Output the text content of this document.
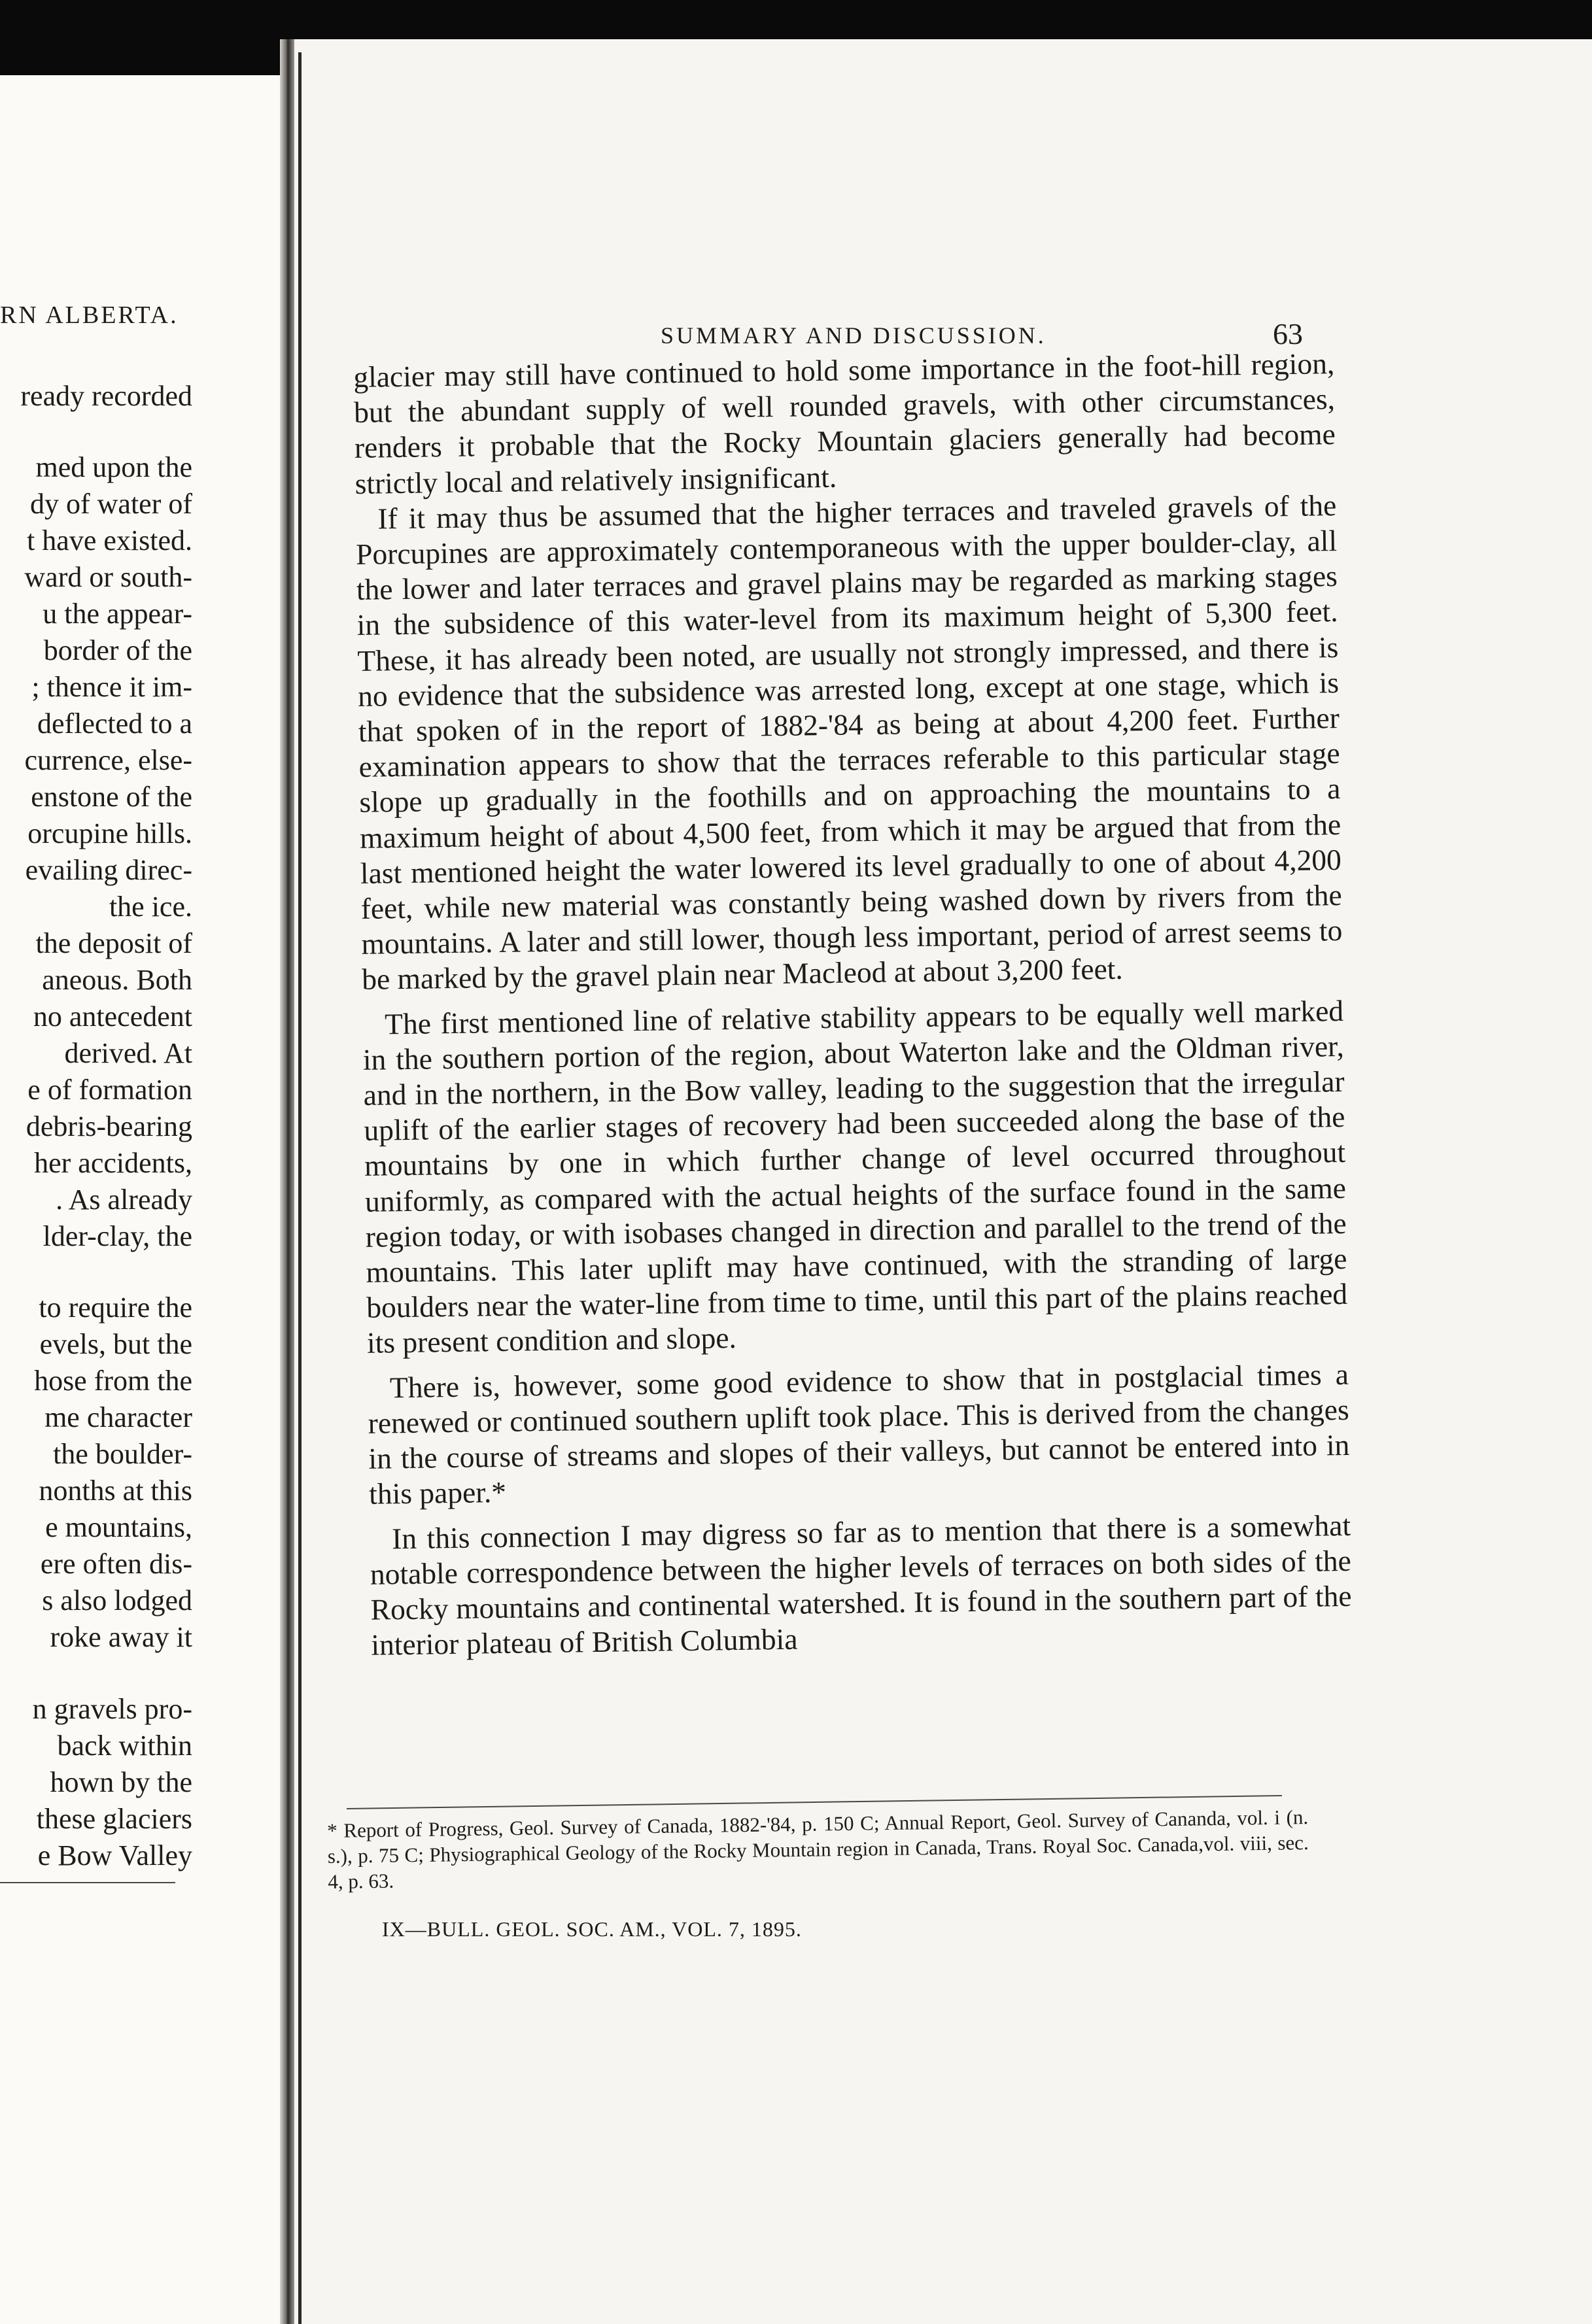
RN ALBERTA.
ready recorded
med upon the
dy of water of
t have existed.
ward or south-
u the appear-
border of the
; thence it im-
deflected to a
currence, else-
enstone of the
orcupine hills.
evailing direc-
the ice.
the deposit of
aneous. Both
no antecedent
derived. At
e of formation
debris-bearing
her accidents,
. As already
lder-clay, the
to require the
evels, but the
hose from the
me character
the boulder-
nonths at this
e mountains,
ere often dis-
s also lodged
roke away it
n gravels pro-
back within
hown by the
these glaciers
e Bow Valley
SUMMARY AND DISCUSSION.	63

glacier may still have continued to hold some importance in the foot-hill region, but the abundant supply of well rounded gravels, with other circumstances, renders it probable that the Rocky Mountain glaciers generally had become strictly local and relatively insignificant.

If it may thus be assumed that the higher terraces and traveled gravels of the Porcupines are approximately contemporaneous with the upper boulder-clay, all the lower and later terraces and gravel plains may be regarded as marking stages in the subsidence of this water-level from its maximum height of 5,300 feet. These, it has already been noted, are usually not strongly impressed, and there is no evidence that the subsidence was arrested long, except at one stage, which is that spoken of in the report of 1882-'84 as being at about 4,200 feet. Further examination appears to show that the terraces referable to this particular stage slope up gradually in the foothills and on approaching the mountains to a maximum height of about 4,500 feet, from which it may be argued that from the last mentioned height the water lowered its level gradually to one of about 4,200 feet, while new material was constantly being washed down by rivers from the mountains. A later and still lower, though less important, period of arrest seems to be marked by the gravel plain near Macleod at about 3,200 feet.

The first mentioned line of relative stability appears to be equally well marked in the southern portion of the region, about Waterton lake and the Oldman river, and in the northern, in the Bow valley, leading to the suggestion that the irregular uplift of the earlier stages of recovery had been succeeded along the base of the mountains by one in which further change of level occurred throughout uniformly, as compared with the actual heights of the surface found in the same region today, or with isobases changed in direction and parallel to the trend of the mountains. This later uplift may have continued, with the stranding of large boulders near the water-line from time to time, until this part of the plains reached its present condition and slope.

There is, however, some good evidence to show that in postglacial times a renewed or continued southern uplift took place. This is derived from the changes in the course of streams and slopes of their valleys, but cannot be entered into in this paper.*

In this connection I may digress so far as to mention that there is a somewhat notable correspondence between the higher levels of terraces on both sides of the Rocky mountains and continental watershed. It is found in the southern part of the interior plateau of British Columbia

* Report of Progress, Geol. Survey of Canada, 1882-'84, p. 150 C; Annual Report, Geol. Survey of Cananda, vol. i (n. s.), p. 75 C; Physiographical Geology of the Rocky Mountain region in Canada, Trans. Royal Soc. Canada,vol. viii, sec. 4, p. 63.
IX—BULL. GEOL. SOC. AM., VOL. 7, 1895.
